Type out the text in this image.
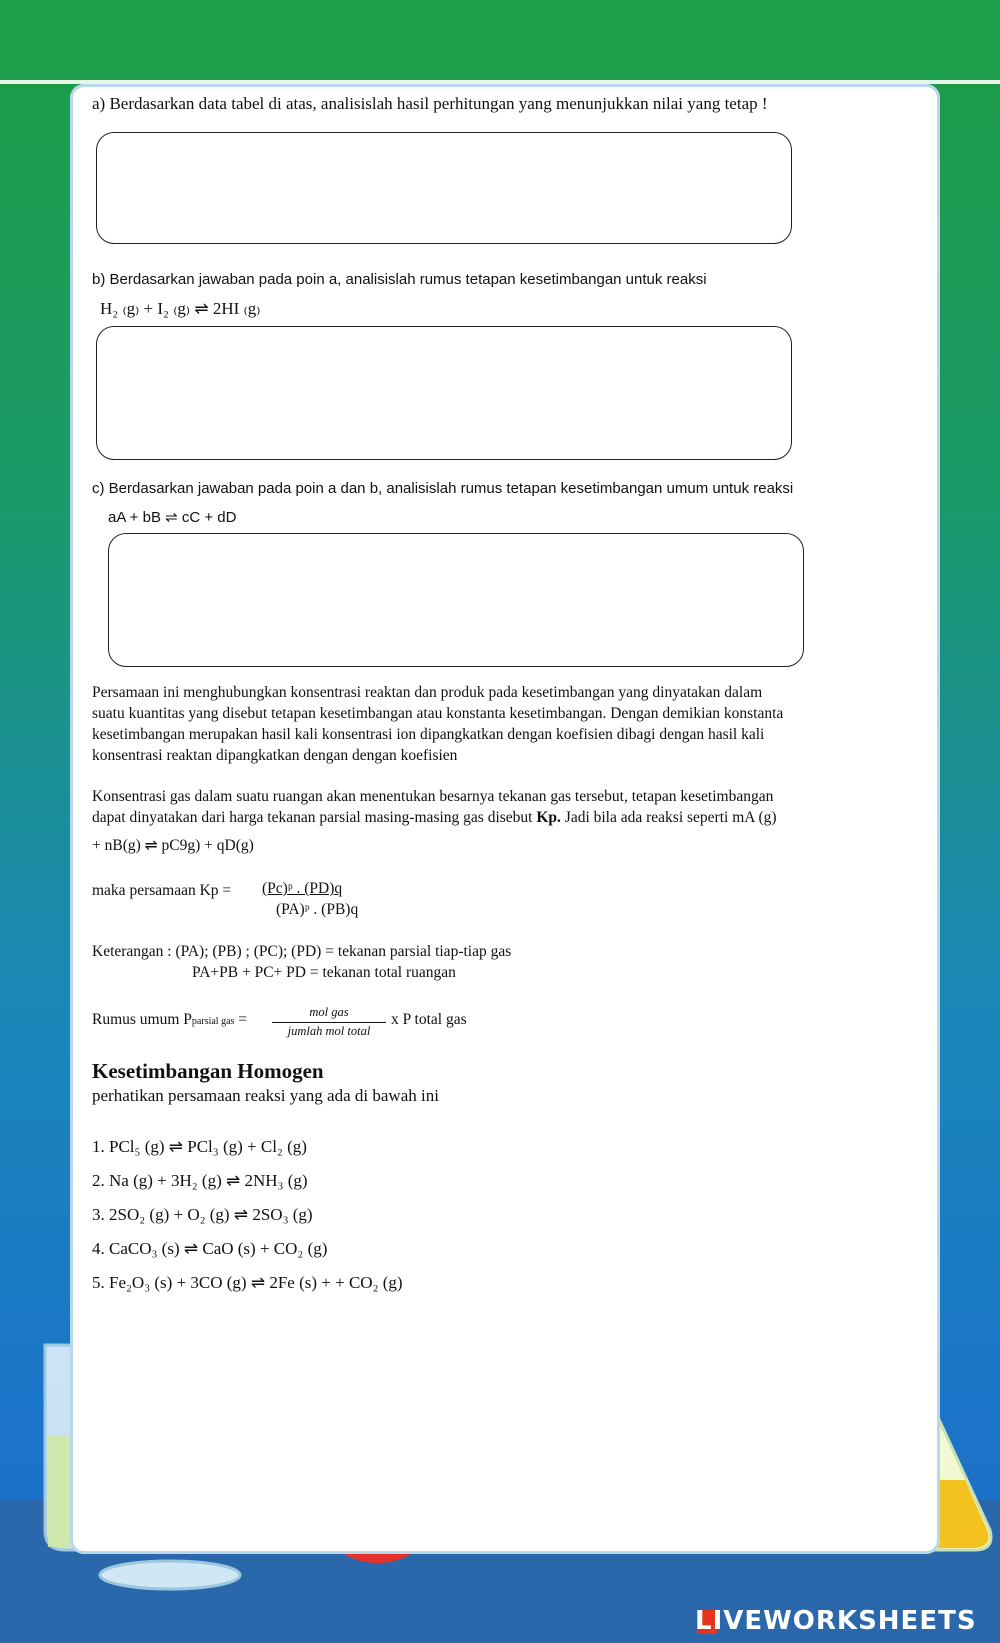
LIVEWORKSHEETS
a) Berdasarkan data tabel di atas, analisislah hasil perhitungan yang menunjukkan nilai yang tetap !
b) Berdasarkan jawaban pada poin a, analisislah rumus tetapan kesetimbangan untuk reaksi
H₂ ₍g₎ + I₂ ₍g₎ ⇌ 2HI ₍g₎
c) Berdasarkan jawaban pada poin a dan b, analisislah rumus tetapan kesetimbangan umum untuk reaksi
aA + bB ⇌ cC + dD
Persamaan ini menghubungkan konsentrasi reaktan dan produk pada kesetimbangan yang dinyatakan dalam
suatu kuantitas yang disebut tetapan kesetimbangan atau konstanta kesetimbangan. Dengan demikian konstanta
kesetimbangan merupakan hasil kali konsentrasi ion dipangkatkan dengan koefisien dibagi dengan hasil kali
konsentrasi reaktan dipangkatkan dengan dengan koefisien
Konsentrasi gas dalam suatu ruangan akan menentukan besarnya tekanan gas tersebut, tetapan kesetimbangan
dapat dinyatakan dari harga tekanan parsial masing-masing gas disebut Kp. Jadi bila ada reaksi seperti mA (g)
+ nB(g) ⇌ pC9g) + qD(g)
maka persamaan Kp = (Pc)ᵖ . (PD)q
(PA)ᵖ . (PB)q
Keterangan : (PA); (PB) ; (PC); (PD) = tekanan parsial tiap-tiap gas
PA+PB + PC+ PD = tekanan total ruangan
Rumus umum Pparsial gas =	mol gas
jumlah mol total
x P total gas
Kesetimbangan Homogen
perhatikan persamaan reaksi yang ada di bawah ini
1. PCl₅ (g) ⇌ PCl₃ (g) + Cl₂ (g)
2. Na (g) + 3H₂ (g) ⇌ 2NH₃ (g)
3. 2SO₂ (g) + O₂ (g) ⇌ 2SO₃ (g)
4. CaCO₃ (s) ⇌ CaO (s) + CO₂ (g)
5. Fe₂O₃ (s) + 3CO (g) ⇌ 2Fe (s) + + CO₂ (g)
